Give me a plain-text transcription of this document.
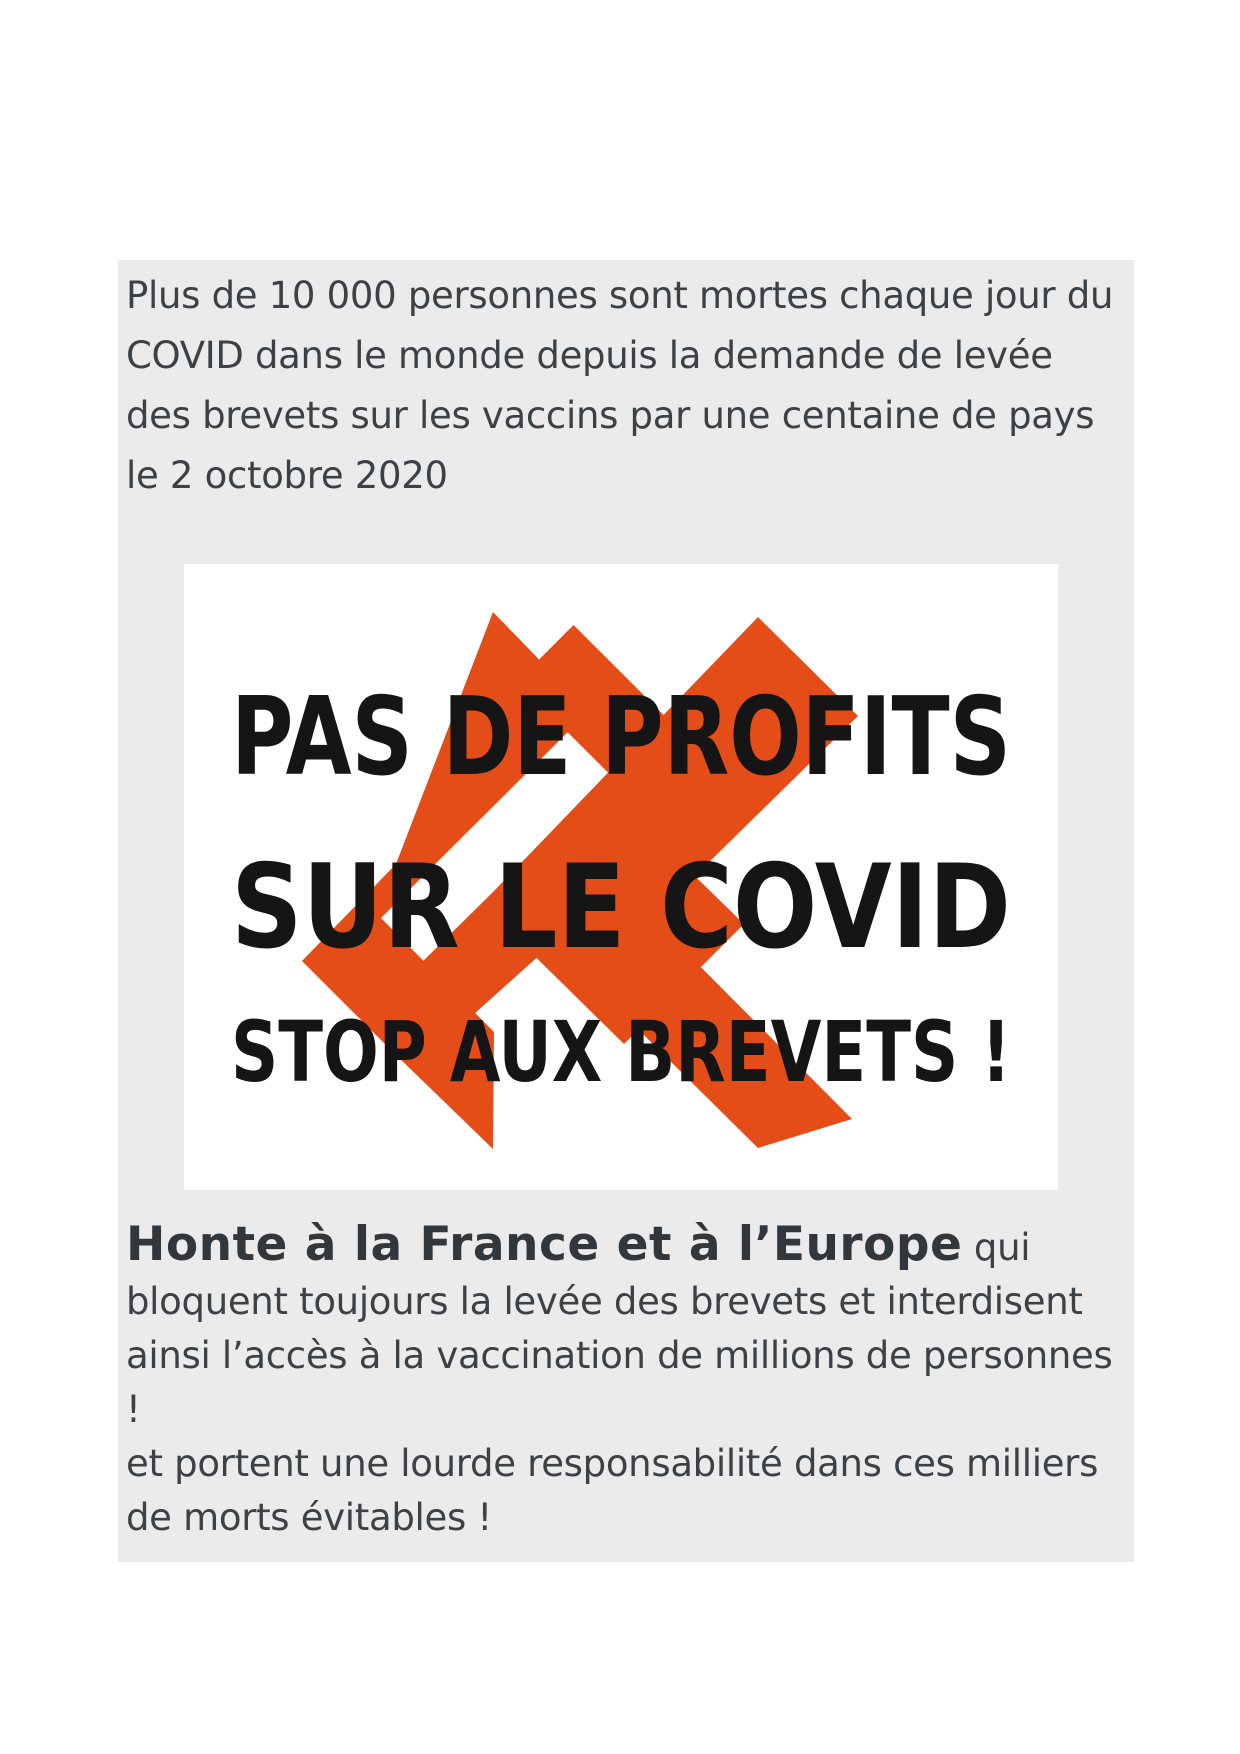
Plus de 10 000 personnes sont mortes chaque jour du COVID dans le monde depuis la demande de levée des brevets sur les vaccins par une centaine de pays le 2 octobre 2020

PAS DE PROFITS
SUR LE COVID
STOP AUX BREVETS !

Honte à la France et à l’Europe qui
bloquent toujours la levée des brevets et interdisent
ainsi l’accès à la vaccination de millions de personnes !
et portent une lourde responsabilité dans ces milliers
de morts évitables !
